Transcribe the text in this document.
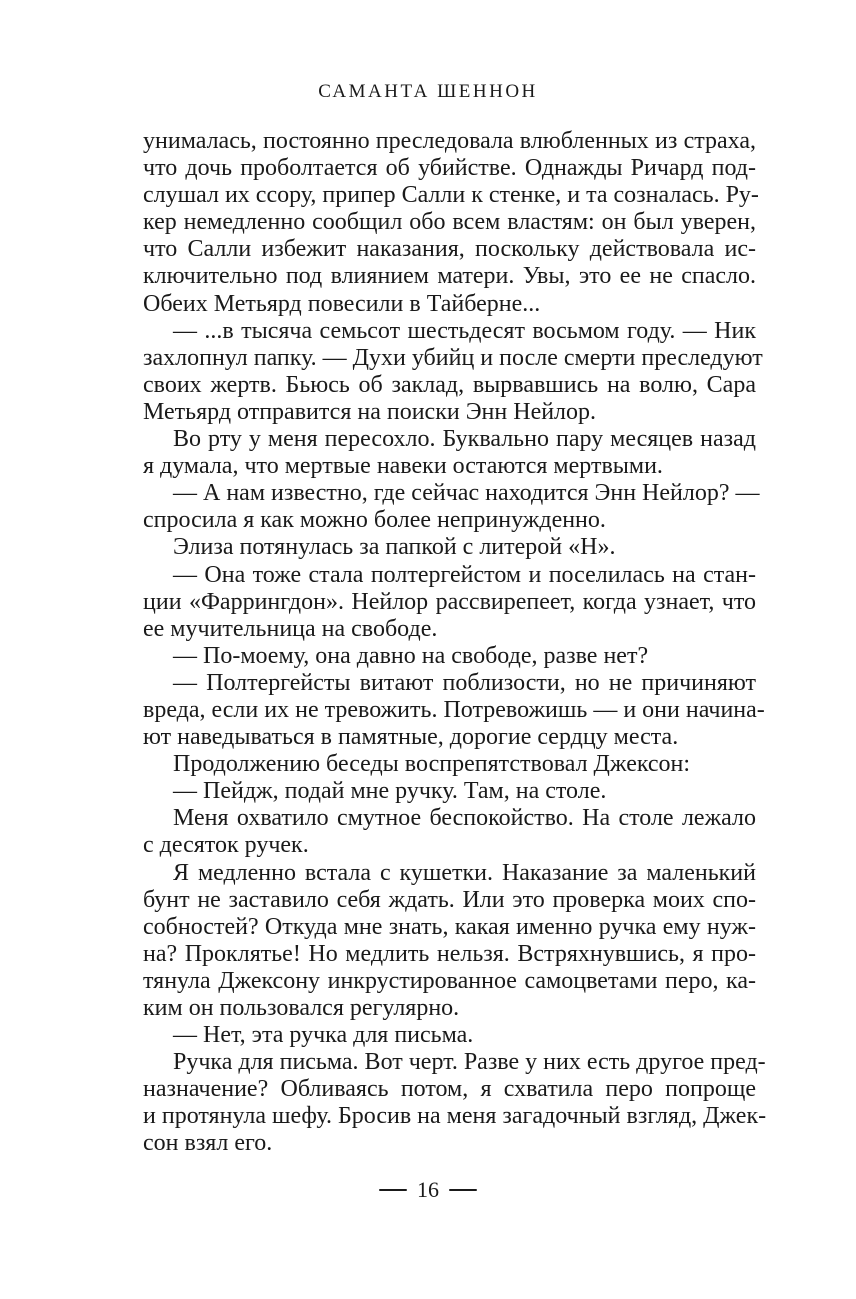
САМАНТА ШЕННОН
унималась, постоянно преследовала влюбленных из страха,
что дочь проболтается об убийстве. Однажды Ричард под-
слушал их ссору, припер Салли к стенке, и та созналась. Ру-
кер немедленно сообщил обо всем властям: он был уверен,
что Салли избежит наказания, поскольку действовала ис-
ключительно под влиянием матери. Увы, это ее не спасло.
Обеих Метьярд повесили в Тайберне...
— ...в тысяча семьсот шестьдесят восьмом году. — Ник
захлопнул папку. — Духи убийц и после смерти преследуют
своих жертв. Бьюсь об заклад, вырвавшись на волю, Сара
Метьярд отправится на поиски Энн Нейлор.
Во рту у меня пересохло. Буквально пару месяцев назад
я думала, что мертвые навеки остаются мертвыми.
— А нам известно, где сейчас находится Энн Нейлор? —
спросила я как можно более непринужденно.
Элиза потянулась за папкой с литерой «Н».
— Она тоже стала полтергейстом и поселилась на стан-
ции «Фаррингдон». Нейлор рассвирепеет, когда узнает, что
ее мучительница на свободе.
— По-моему, она давно на свободе, разве нет?
— Полтергейсты витают поблизости, но не причиняют
вреда, если их не тревожить. Потревожишь — и они начина-
ют наведываться в памятные, дорогие сердцу места.
Продолжению беседы воспрепятствовал Джексон:
— Пейдж, подай мне ручку. Там, на столе.
Меня охватило смутное беспокойство. На столе лежало
с десяток ручек.
Я медленно встала с кушетки. Наказание за маленький
бунт не заставило себя ждать. Или это проверка моих спо-
собностей? Откуда мне знать, какая именно ручка ему нуж-
на? Проклятье! Но медлить нельзя. Встряхнувшись, я про-
тянула Джексону инкрустированное самоцветами перо, ка-
ким он пользовался регулярно.
— Нет, эта ручка для письма.
Ручка для письма. Вот черт. Разве у них есть другое пред-
назначение? Обливаясь потом, я схватила перо попроще
и протянула шефу. Бросив на меня загадочный взгляд, Джек-
сон взял его.
16
